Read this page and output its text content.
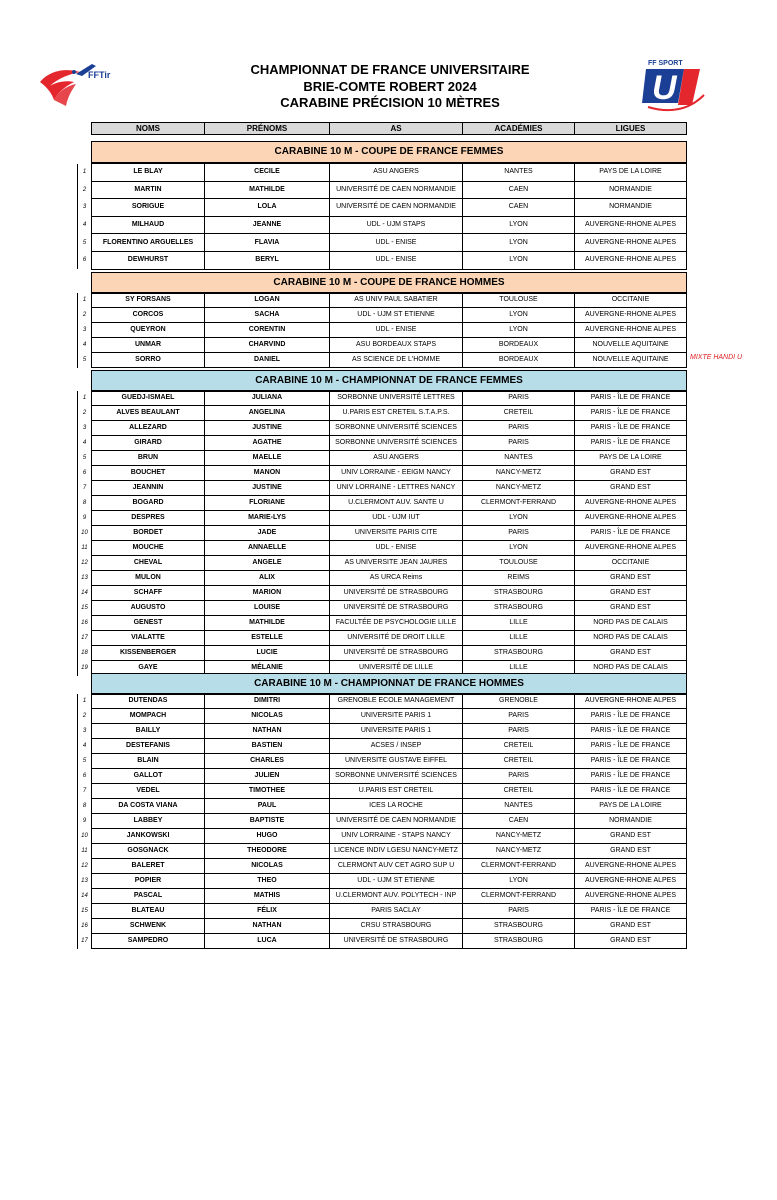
FFTir
FF SPORT
U
CHAMPIONNAT DE FRANCE UNIVERSITAIRE
BRIE-COMTE ROBERT 2024
CARABINE PRÉCISION 10 MÈTRES
NOMS	PRÉNOMS	AS	ACADÉMIES	LIGUES
CARABINE 10 M - COUPE DE FRANCE FEMMES
1	LE BLAY	CECILE	ASU ANGERS	NANTES	PAYS DE LA LOIRE
2	MARTIN	MATHILDE	UNIVERSITÉ DE CAEN NORMANDIE	CAEN	NORMANDIE
3	SORIGUE	LOLA	UNIVERSITÉ DE CAEN NORMANDIE	CAEN	NORMANDIE
4	MILHAUD	JEANNE	UDL - UJM STAPS	LYON	AUVERGNE-RHONE ALPES
5	FLORENTINO ARGUELLES	FLAVIA	UDL - ENISE	LYON	AUVERGNE-RHONE ALPES
6	DEWHURST	BERYL	UDL - ENISE	LYON	AUVERGNE-RHONE ALPES
CARABINE 10 M - COUPE DE FRANCE HOMMES
MIXTE HANDI U
1	SY FORSANS	LOGAN	AS UNIV PAUL SABATIER	TOULOUSE	OCCITANIE
2	CORCOS	SACHA	UDL - UJM ST ETIENNE	LYON	AUVERGNE-RHONE ALPES
3	QUEYRON	CORENTIN	UDL - ENISE	LYON	AUVERGNE-RHONE ALPES
4	UNMAR	CHARVIND	ASU BORDEAUX STAPS	BORDEAUX	NOUVELLE AQUITAINE
5	SORRO	DANIEL	AS SCIENCE DE L'HOMME	BORDEAUX	NOUVELLE AQUITAINE
CARABINE 10 M - CHAMPIONNAT DE FRANCE FEMMES
1	GUEDJ-ISMAEL	JULIANA	SORBONNE UNIVERSITÉ LETTRES	PARIS	PARIS - ÎLE DE FRANCE
2	ALVES BEAULANT	ANGELINA	U.PARIS EST CRETEIL S.T.A.P.S.	CRETEIL	PARIS - ÎLE DE FRANCE
3	ALLEZARD	JUSTINE	SORBONNE UNIVERSITÉ SCIENCES	PARIS	PARIS - ÎLE DE FRANCE
4	GIRARD	AGATHE	SORBONNE UNIVERSITÉ SCIENCES	PARIS	PARIS - ÎLE DE FRANCE
5	BRUN	MAELLE	ASU ANGERS	NANTES	PAYS DE LA LOIRE
6	BOUCHET	MANON	UNIV LORRAINE - EEIGM NANCY	NANCY-METZ	GRAND EST
7	JEANNIN	JUSTINE	UNIV LORRAINE - LETTRES NANCY	NANCY-METZ	GRAND EST
8	BOGARD	FLORIANE	U.CLERMONT AUV. SANTE U	CLERMONT-FERRAND	AUVERGNE-RHONE ALPES
9	DESPRES	MARIE-LYS	UDL - UJM IUT	LYON	AUVERGNE-RHONE ALPES
10	BORDET	JADE	UNIVERSITE PARIS CITE	PARIS	PARIS - ÎLE DE FRANCE
11	MOUCHE	ANNAELLE	UDL - ENISE	LYON	AUVERGNE-RHONE ALPES
12	CHEVAL	ANGELE	AS UNIVERSITE JEAN JAURES	TOULOUSE	OCCITANIE
13	MULON	ALIX	AS URCA Reims	REIMS	GRAND EST
14	SCHAFF	MARION	UNIVERSITÉ DE STRASBOURG	STRASBOURG	GRAND EST
15	AUGUSTO	LOUISE	UNIVERSITÉ DE STRASBOURG	STRASBOURG	GRAND EST
16	GENEST	MATHILDE	FACULTÉE DE PSYCHOLOGIE LILLE	LILLE	NORD PAS DE CALAIS
17	VIALATTE	ESTELLE	UNIVERSITÉ DE DROIT LILLE	LILLE	NORD PAS DE CALAIS
18	KISSENBERGER	LUCIE	UNIVERSITÉ DE STRASBOURG	STRASBOURG	GRAND EST
19	GAYE	MÉLANIE	UNIVERSITÉ DE LILLE	LILLE	NORD PAS DE CALAIS
CARABINE 10 M - CHAMPIONNAT DE FRANCE HOMMES
1	DUTENDAS	DIMITRI	GRENOBLE ECOLE MANAGEMENT	GRENOBLE	AUVERGNE-RHONE ALPES
2	MOMPACH	NICOLAS	UNIVERSITE PARIS 1	PARIS	PARIS - ÎLE DE FRANCE
3	BAILLY	NATHAN	UNIVERSITE PARIS 1	PARIS	PARIS - ÎLE DE FRANCE
4	DESTEFANIS	BASTIEN	ACSES / INSEP	CRETEIL	PARIS - ÎLE DE FRANCE
5	BLAIN	CHARLES	UNIVERSITE GUSTAVE EIFFEL	CRETEIL	PARIS - ÎLE DE FRANCE
6	GALLOT	JULIEN	SORBONNE UNIVERSITÉ SCIENCES	PARIS	PARIS - ÎLE DE FRANCE
7	VEDEL	TIMOTHEE	U.PARIS EST CRETEIL	CRETEIL	PARIS - ÎLE DE FRANCE
8	DA COSTA VIANA	PAUL	ICES LA ROCHE	NANTES	PAYS DE LA LOIRE
9	LABBEY	BAPTISTE	UNIVERSITÉ DE CAEN NORMANDIE	CAEN	NORMANDIE
10	JANKOWSKI	HUGO	UNIV LORRAINE - STAPS NANCY	NANCY-METZ	GRAND EST
11	GOSGNACK	THEODORE	LICENCE INDIV LGESU NANCY-METZ	NANCY-METZ	GRAND EST
12	BALERET	NICOLAS	CLERMONT AUV CET AGRO SUP U	CLERMONT-FERRAND	AUVERGNE-RHONE ALPES
13	POPIER	THEO	UDL - UJM ST ETIENNE	LYON	AUVERGNE-RHONE ALPES
14	PASCAL	MATHIS	U.CLERMONT AUV. POLYTECH - INP	CLERMONT-FERRAND	AUVERGNE-RHONE ALPES
15	BLATEAU	FÉLIX	PARIS SACLAY	PARIS	PARIS - ÎLE DE FRANCE
16	SCHWENK	NATHAN	CRSU STRASBOURG	STRASBOURG	GRAND EST
17	SAMPEDRO	LUCA	UNIVERSITÉ DE STRASBOURG	STRASBOURG	GRAND EST
